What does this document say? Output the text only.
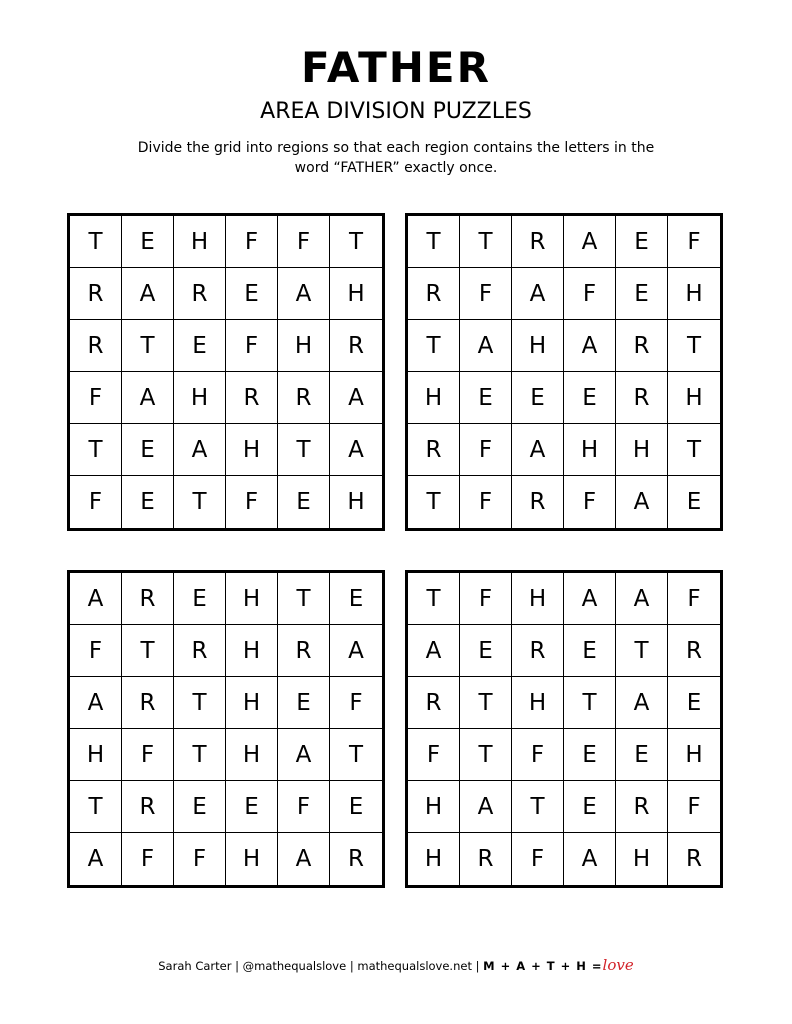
FATHER
AREA DIVISION PUZZLES
Divide the grid into regions so that each region contains the letters in the word “FATHER” exactly once.
T	E	H	F	F	T
R	A	R	E	A	H
R	T	E	F	H	R
F	A	H	R	R	A
T	E	A	H	T	A
F	E	T	F	E	H
T	T	R	A	E	F
R	F	A	F	E	H
T	A	H	A	R	T
H	E	E	E	R	H
R	F	A	H	H	T
T	F	R	F	A	E
A	R	E	H	T	E
F	T	R	H	R	A
A	R	T	H	E	F
H	F	T	H	A	T
T	R	E	E	F	E
A	F	F	H	A	R
T	F	H	A	A	F
A	E	R	E	T	R
R	T	H	T	A	E
F	T	F	E	E	H
H	A	T	E	R	F
H	R	F	A	H	R
Sarah Carter | @mathequalslove | mathequalslove.net | M + A + T + H =love
